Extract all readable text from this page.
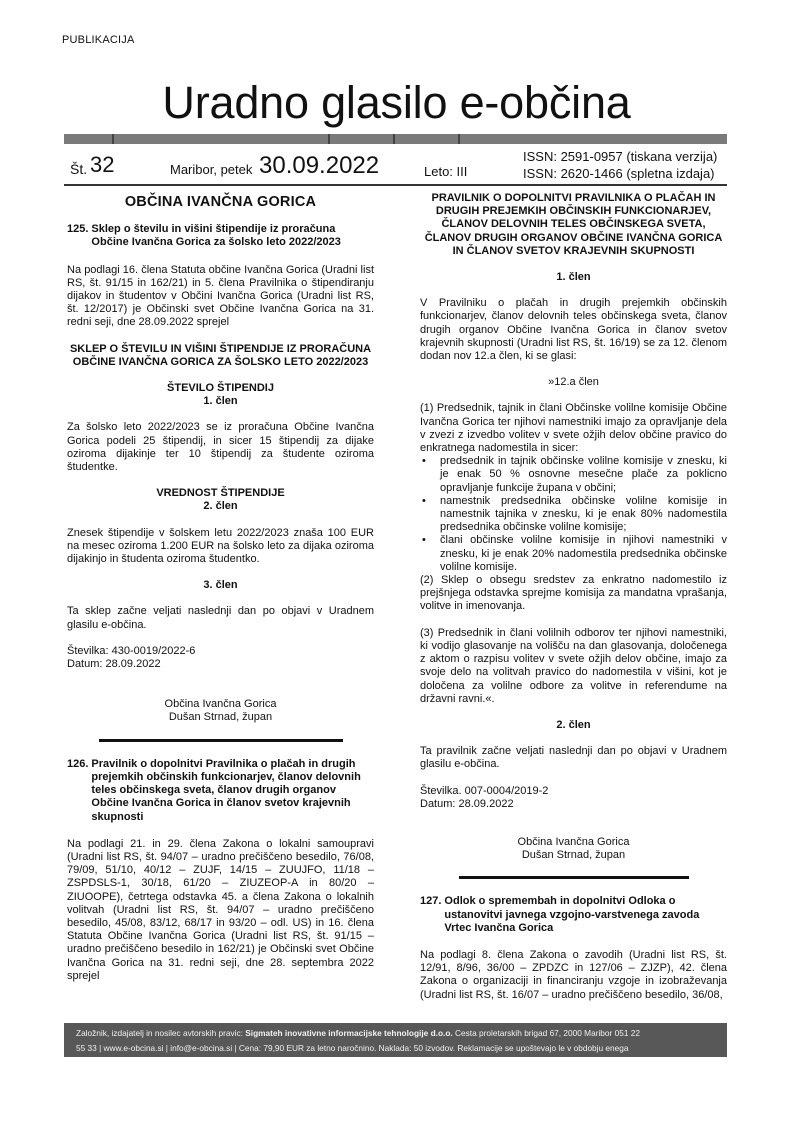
PUBLIKACIJA
Uradno glasilo e-občina
Št. 32	Maribor, petek 30.09.2022	Leto: III
ISSN: 2591-0957 (tiskana verzija)
ISSN: 2620-1466 (spletna izdaja)
OBČINA IVANČNA GORICA
125. Sklep o številu in višini štipendije iz proračuna Občine Ivančna Gorica za šolsko leto 2022/2023
Na podlagi 16. člena Statuta občine Ivančna Gorica (Uradni list RS, št. 91/15 in 162/21) in 5. člena Pravilnika o štipendiranju dijakov in študentov v Občini Ivančna Gorica (Uradni list RS, št. 12/2017) je Občinski svet Občine Ivančna Gorica na 31. redni seji, dne 28.09.2022 sprejel
SKLEP O ŠTEVILU IN VIŠINI ŠTIPENDIJE IZ PRORAČUNA OBČINE IVANČNA GORICA ZA ŠOLSKO LETO 2022/2023
ŠTEVILO ŠTIPENDIJ
1. člen
Za šolsko leto 2022/2023 se iz proračuna Občine Ivančna Gorica podeli 25 štipendij, in sicer 15 štipendij za dijake oziroma dijakinje ter 10 štipendij za študente oziroma študentke.
VREDNOST ŠTIPENDIJE
2. člen
Znesek štipendije v šolskem letu 2022/2023 znaša 100 EUR na mesec oziroma 1.200 EUR na šolsko leto za dijaka oziroma dijakinjo in študenta oziroma študentko.
3. člen
Ta sklep začne veljati naslednji dan po objavi v Uradnem glasilu e-občina.
Številka: 430-0019/2022-6
Datum: 28.09.2022
Občina Ivančna Gorica
Dušan Strnad, župan
126. Pravilnik o dopolnitvi Pravilnika o plačah in drugih prejemkih občinskih funkcionarjev, članov delovnih teles občinskega sveta, članov drugih organov Občine Ivančna Gorica in članov svetov krajevnih skupnosti
Na podlagi 21. in 29. člena Zakona o lokalni samoupravi (Uradni list RS, št. 94/07 – uradno prečiščeno besedilo, 76/08, 79/09, 51/10, 40/12 – ZUJF, 14/15 – ZUUJFO, 11/18 – ZSPDSLS-1, 30/18, 61/20 – ZIUZEOP-A in 80/20 – ZIUOOPE), četrtega odstavka 45. a člena Zakona o lokalnih volitvah (Uradni list RS, št. 94/07 – uradno prečiščeno besedilo, 45/08, 83/12, 68/17 in 93/20 – odl. US) in 16. člena Statuta Občine Ivančna Gorica (Uradni list RS, št. 91/15 – uradno prečiščeno besedilo in 162/21) je Občinski svet Občine Ivančna Gorica na 31. redni seji, dne 28. septembra 2022 sprejel
PRAVILNIK O DOPOLNITVI PRAVILNIKA O PLAČAH IN DRUGIH PREJEMKIH OBČINSKIH FUNKCIONARJEV, ČLANOV DELOVNIH TELES OBČINSKEGA SVETA, ČLANOV DRUGIH ORGANOV OBČINE IVANČNA GORICA IN ČLANOV SVETOV KRAJEVNIH SKUPNOSTI
1. člen
V Pravilniku o plačah in drugih prejemkih občinskih funkcionarjev, članov delovnih teles občinskega sveta, članov drugih organov Občine Ivančna Gorica in članov svetov krajevnih skupnosti (Uradni list RS, št. 16/19) se za 12. členom dodan nov 12.a člen, ki se glasi:
»12.a člen
(1) Predsednik, tajnik in člani Občinske volilne komisije Občine Ivančna Gorica ter njihovi namestniki imajo za opravljanje dela v zvezi z izvedbo volitev v svete ožjih delov občine pravico do enkratnega nadomestila in sicer:
• predsednik in tajnik občinske volilne komisije v znesku, ki je enak 50 % osnovne mesečne plače za poklicno opravljanje funkcije župana v občini;
• namestnik predsednika občinske volilne komisije in namestnik tajnika v znesku, ki je enak 80% nadomestila predsednika občinske volilne komisije;
• člani občinske volilne komisije in njihovi namestniki v znesku, ki je enak 20% nadomestila predsednika občinske volilne komisije.
(2) Sklep o obsegu sredstev za enkratno nadomestilo iz prejšnjega odstavka sprejme komisija za mandatna vprašanja, volitve in imenovanja.
(3) Predsednik in člani volilnih odborov ter njihovi namestniki, ki vodijo glasovanje na volišču na dan glasovanja, določenega z aktom o razpisu volitev v svete ožjih delov občine, imajo za svoje delo na volitvah pravico do nadomestila v višini, kot je določena za volilne odbore za volitve in referendume na državni ravni.«.
2. člen
Ta pravilnik začne veljati naslednji dan po objavi v Uradnem glasilu e-občina.
Številka. 007-0004/2019-2
Datum: 28.09.2022
Občina Ivančna Gorica
Dušan Strnad, župan
127. Odlok o spremembah in dopolnitvi Odloka o ustanovitvi javnega vzgojno-varstvenega zavoda Vrtec Ivančna Gorica
Na podlagi 8. člena Zakona o zavodih (Uradni list RS, št. 12/91, 8/96, 36/00 – ZPDZC in 127/06 – ZJZP), 42. člena Zakona o organizaciji in financiranju vzgoje in izobraževanja (Uradni list RS, št. 16/07 – uradno prečiščeno besedilo, 36/08,
Založnik, izdajatelj in nosilec avtorskih pravic: Sigmateh inovativne informacijske tehnologije d.o.o. Cesta proletarskih brigad 67, 2000 Maribor 051 22
55 33 | www.e-obcina.si | info@e-obcina.si | Cena: 79,90 EUR za letno naročnino. Naklada: 50 izvodov. Reklamacije se upoštevajo le v obdobju enega
